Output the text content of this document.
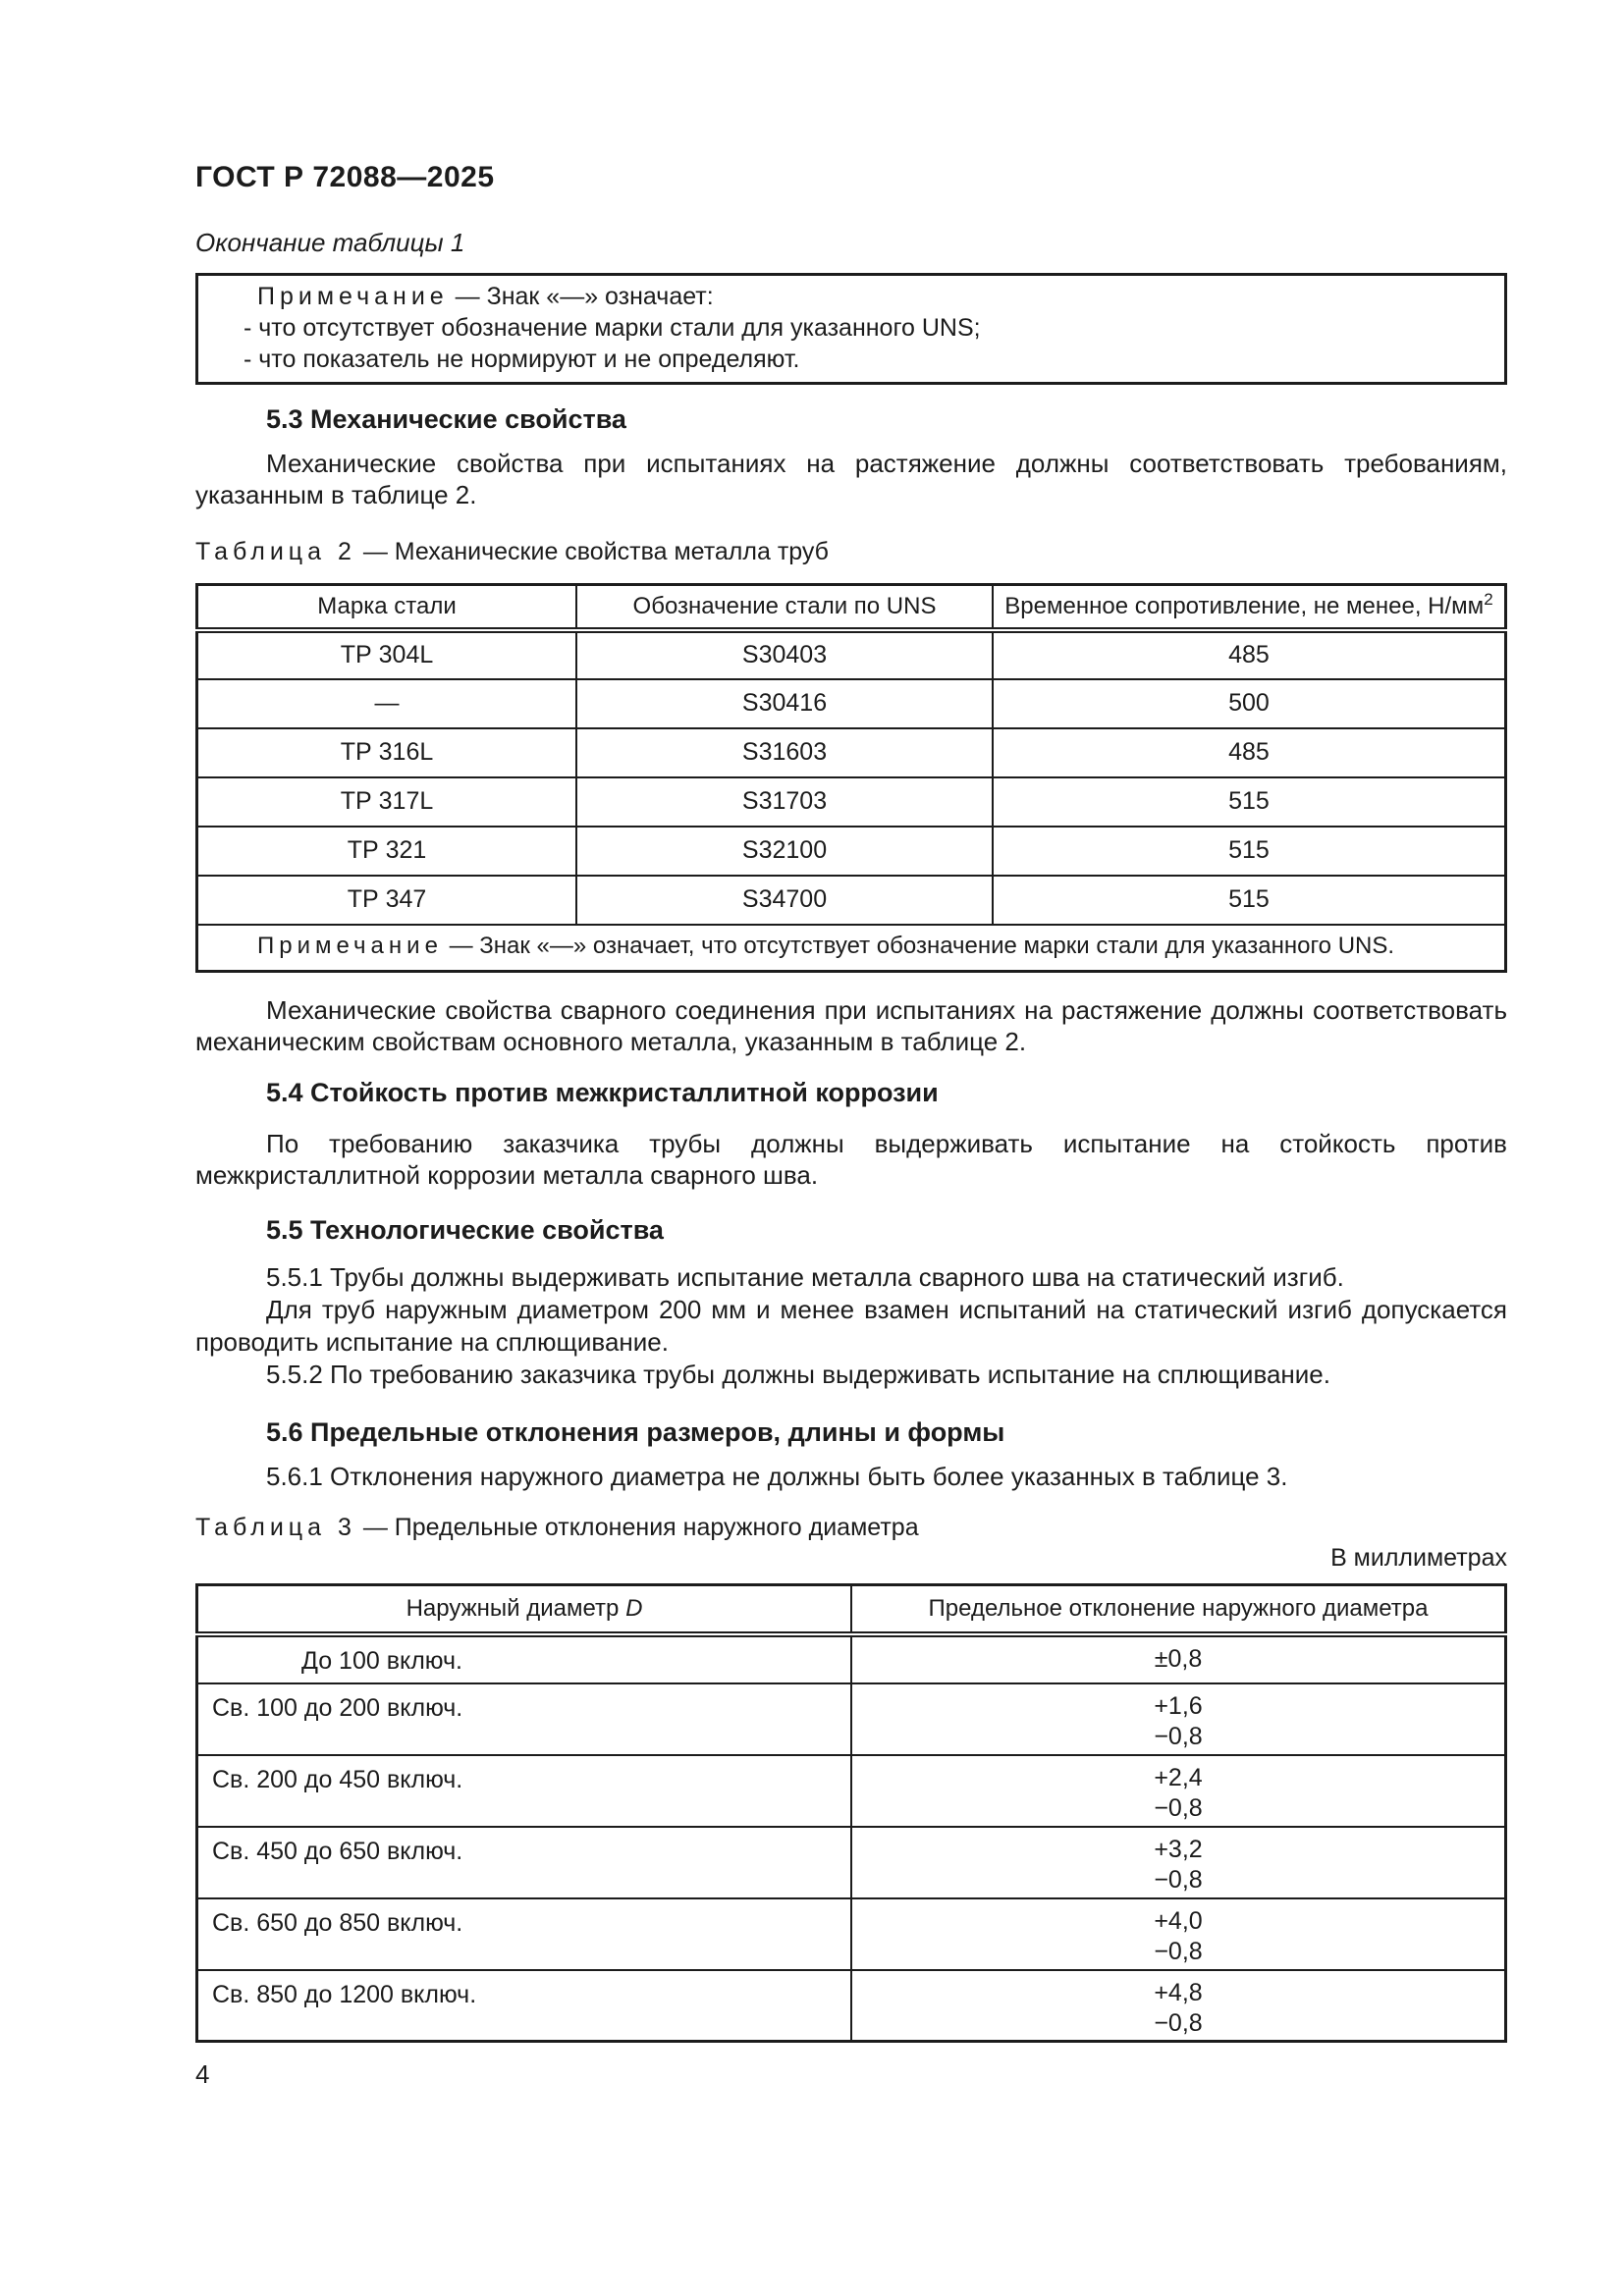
ГОСТ Р 72088—2025
Окончание таблицы 1
Примечание — Знак «—» означает:
- что отсутствует обозначение марки стали для указанного UNS;
- что показатель не нормируют и не определяют.
5.3 Механические свойства

Механические свойства при испытаниях на растяжение должны соответствовать требованиям, указанным в таблице 2.

Таблица 2 — Механические свойства металла труб
Марка стали	Обозначение стали по UNS	Временное сопротивление, не менее, $Н/мм^2$
ТР 304L	S30403	485
—	S30416	500
ТР 316L	S31603	485
ТР 317L	S31703	515
ТР 321	S32100	515
ТР 347	S34700	515
Примечание — Знак «—» означает, что отсутствует обозначение марки стали для указанного UNS.		

Механические свойства сварного соединения при испытаниях на растяжение должны соответствовать механическим свойствам основного металла, указанным в таблице 2.

5.4 Стойкость против межкристаллитной коррозии

По требованию заказчика трубы должны выдерживать испытание на стойкость против межкристаллитной коррозии металла сварного шва.

5.5 Технологические свойства

5.5.1 Трубы должны выдерживать испытание металла сварного шва на статический изгиб.

Для труб наружным диаметром 200 мм и менее взамен испытаний на статический изгиб допускается проводить испытание на сплющивание.

5.5.2 По требованию заказчика трубы должны выдерживать испытание на сплющивание.

5.6 Предельные отклонения размеров, длины и формы

5.6.1 Отклонения наружного диаметра не должны быть более указанных в таблице 3.

Таблица 3 — Предельные отклонения наружного диаметра
В миллиметрах
Наружный диаметр D	Предельное отклонение наружного диаметра
До 100 включ.	±0,8

Св. 100 до 200 включ.	+1,6
−0,8

Св. 200 до 450 включ.	+2,4
−0,8

Св. 450 до 650 включ.	+3,2
−0,8

Св. 650 до 850 включ.	+4,0
−0,8

Св. 850 до 1200 включ.	+4,8
−0,8
4
